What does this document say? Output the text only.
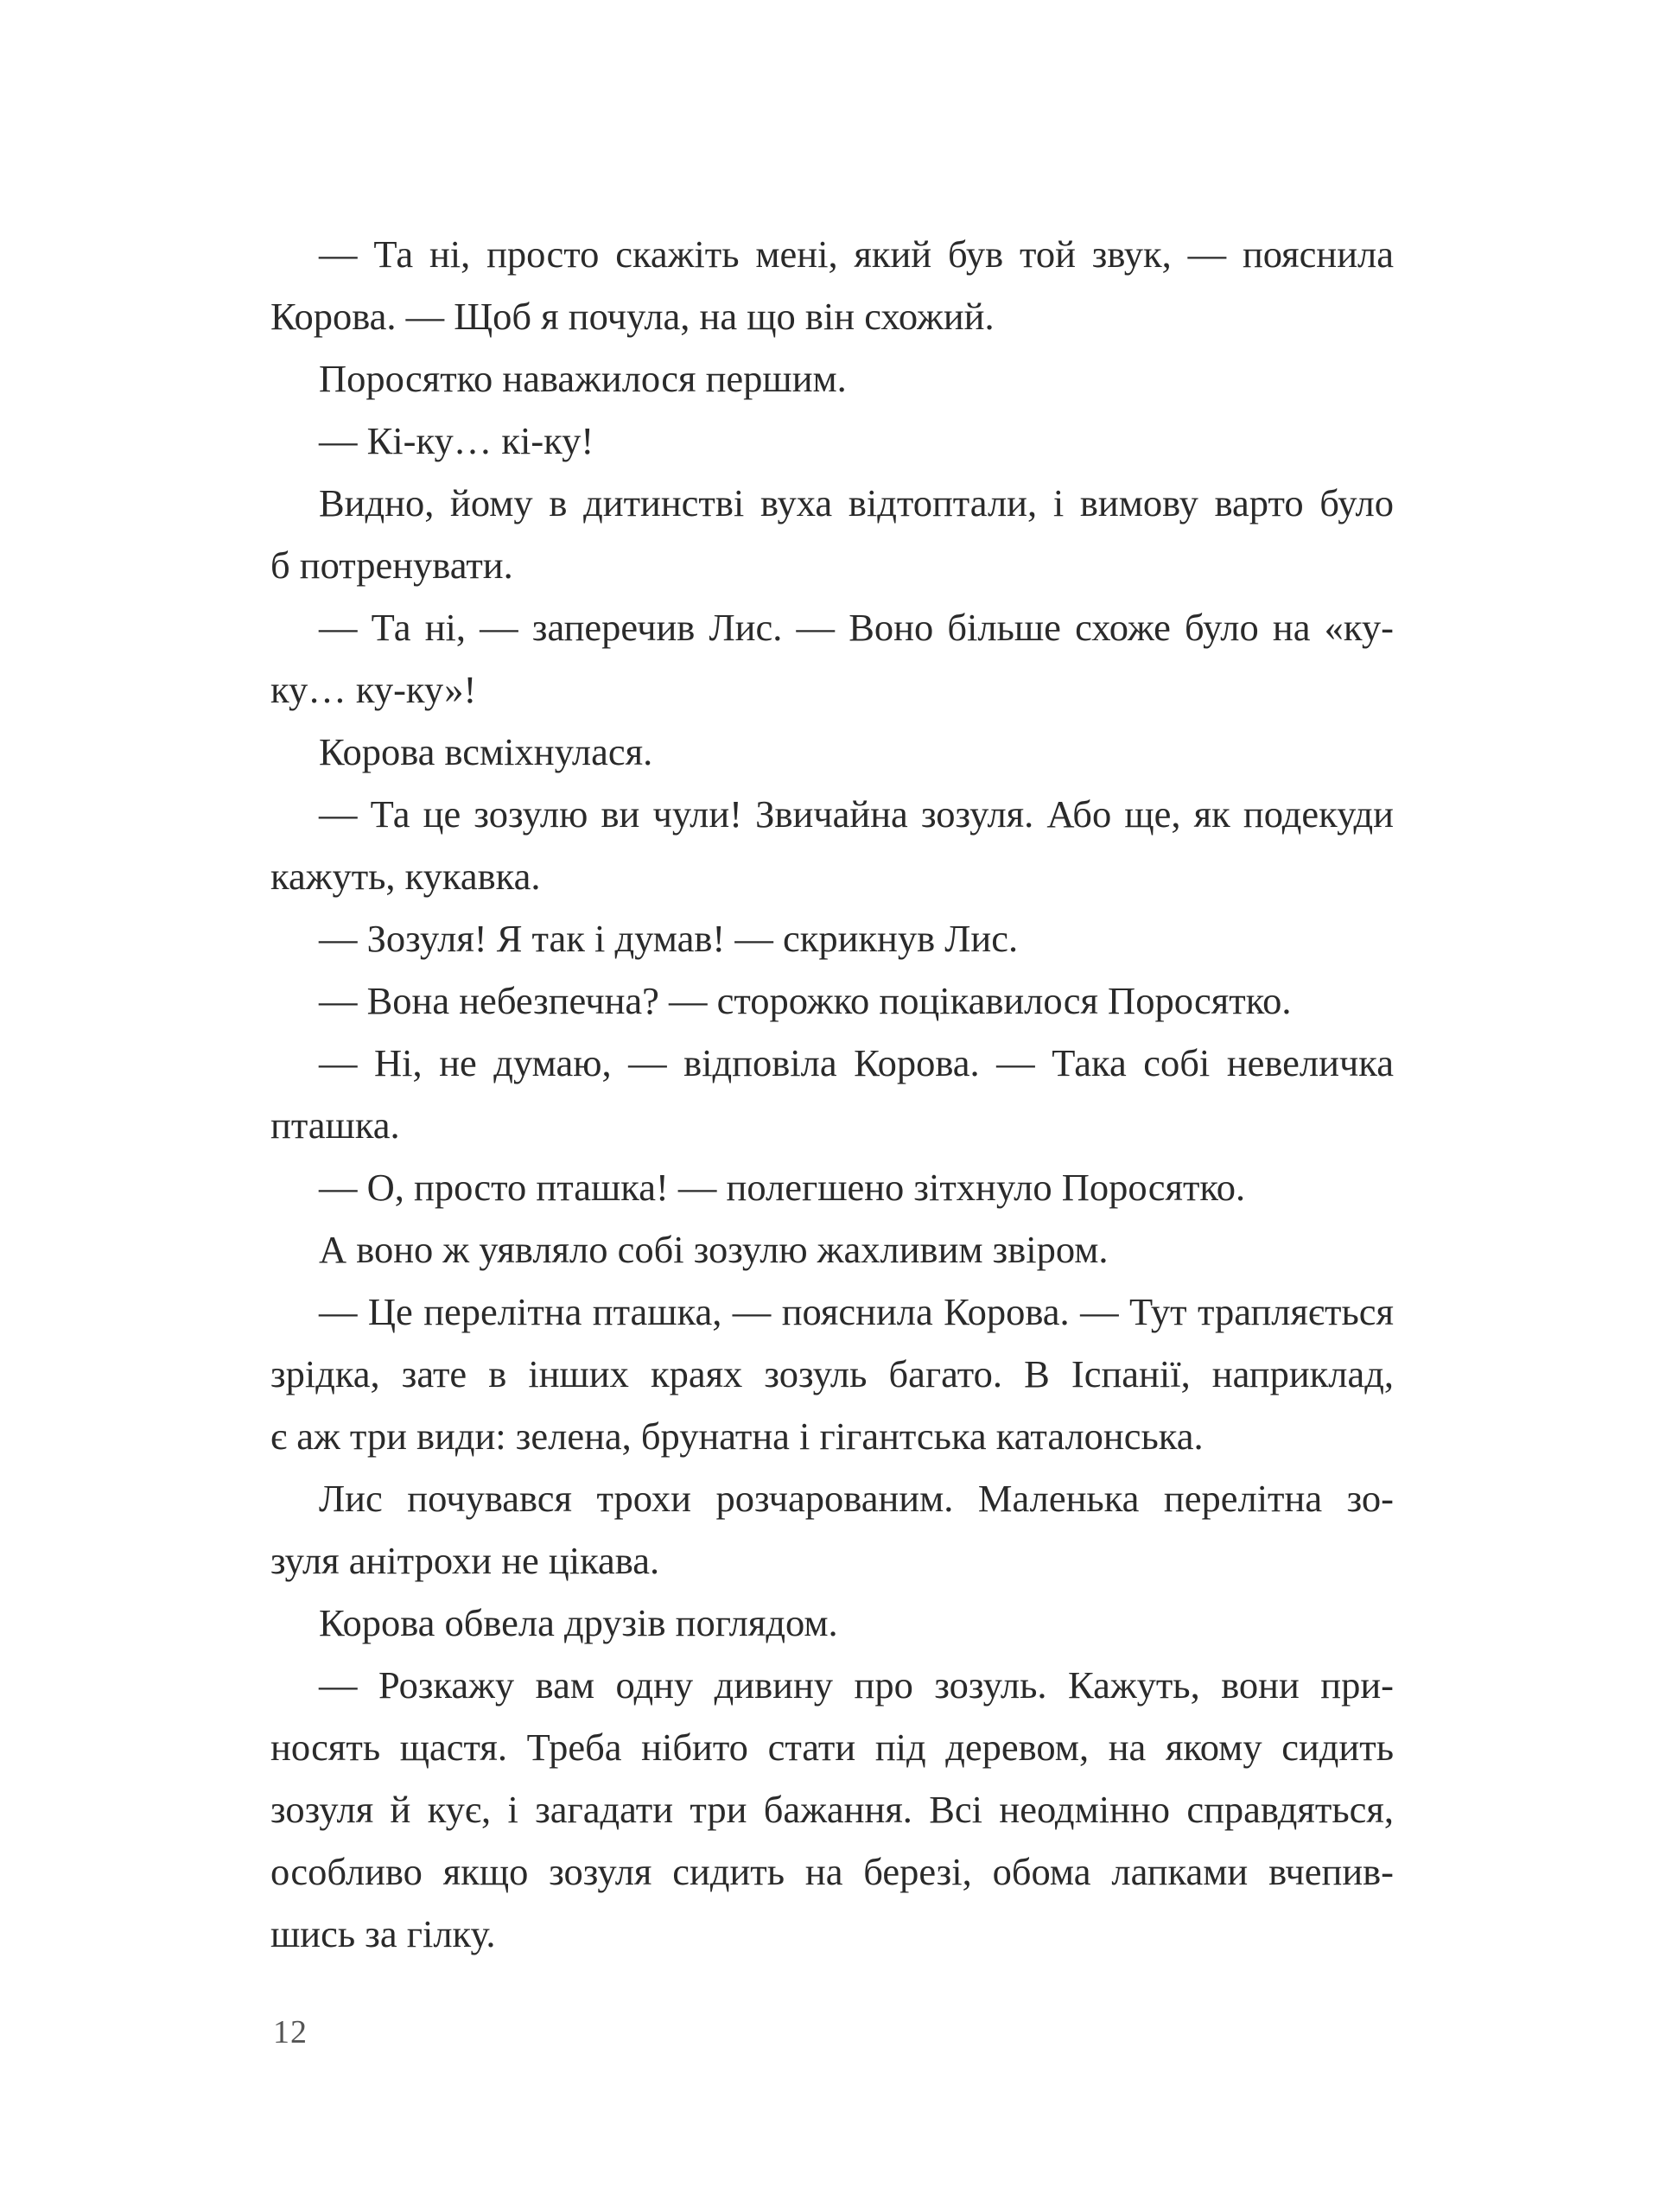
— Та ні, просто скажіть мені, який був той звук, — пояснила

Корова. — Щоб я почула, на що він схожий.

Поросятко наважилося першим.

— Кі-ку… кі-ку!

Видно, йому в дитинстві вуха відтоптали, і вимову варто було

б потренувати.

— Та ні, — заперечив Лис. — Воно більше схоже було на «ку-

ку… ку-ку»!

Корова всміхнулася.

— Та це зозулю ви чули! Звичайна зозуля. Або ще, як подекуди

кажуть, кукавка.

— Зозуля! Я так і думав! — скрикнув Лис.

— Вона небезпечна? — сторожко поцікавилося Поросятко.

— Ні, не думаю, — відповіла Корова. — Така собі невеличка

пташка.

— О, просто пташка! — полегшено зітхнуло Поросятко.

А воно ж уявляло собі зозулю жахливим звіром.

— Це перелітна пташка, — пояснила Корова. — Тут трапляється

зрідка, зате в інших краях зозуль багато. В Іспанії, наприклад,

є аж три види: зелена, брунатна і гігантська каталонська.

Лис почувався трохи розчарованим. Маленька перелітна зо-

зуля анітрохи не цікава.

Корова обвела друзів поглядом.

— Розкажу вам одну дивину про зозуль. Кажуть, вони при-

носять щастя. Треба нібито стати під деревом, на якому сидить

зозуля й кує, і загадати три бажання. Всі неодмінно справдяться,

особливо якщо зозуля сидить на березі, обома лапками вчепив-

шись за гілку.

12
